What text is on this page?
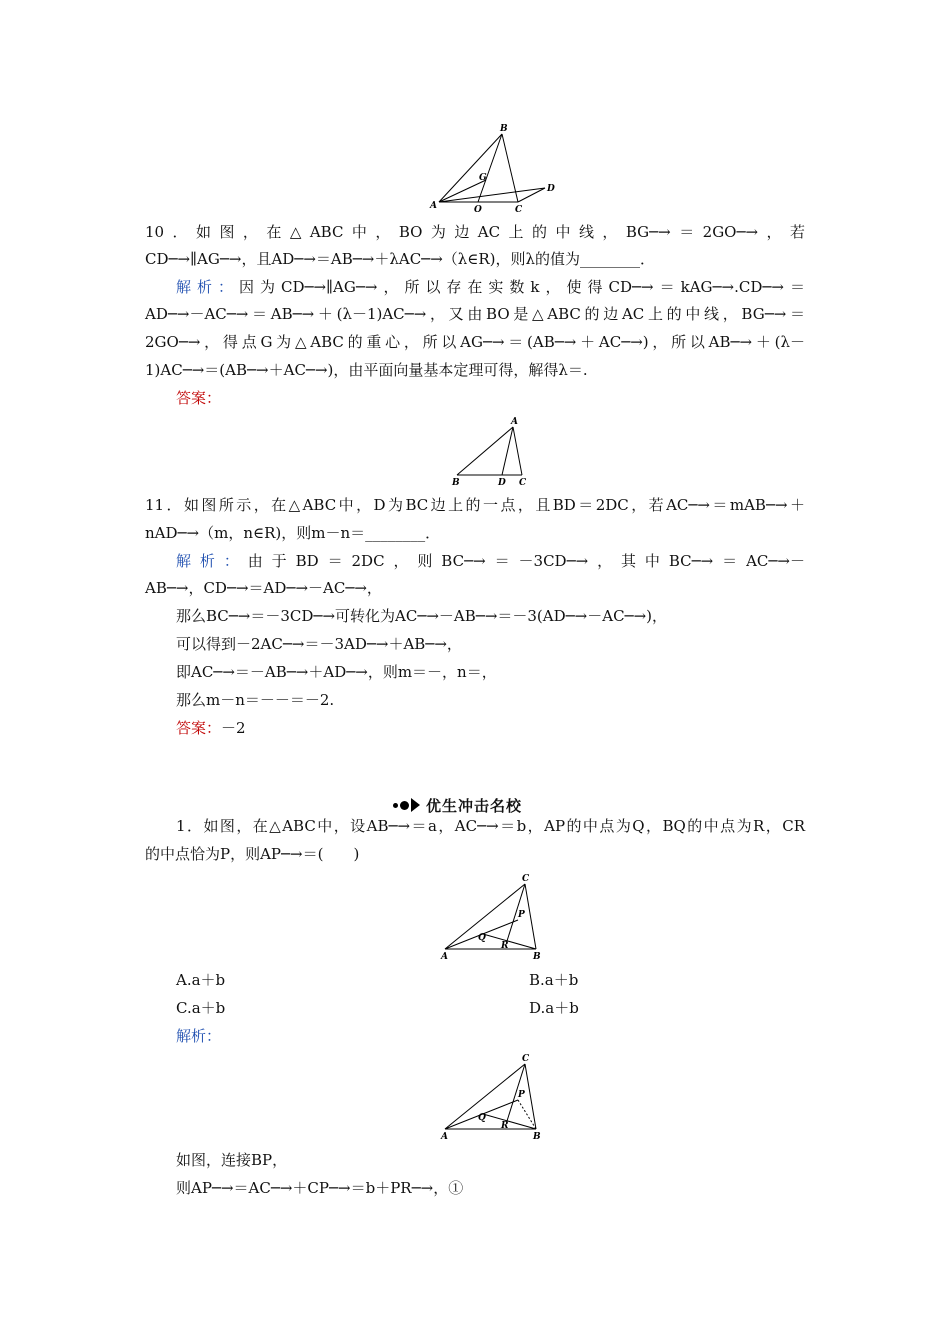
B
A	C
D
G
O
10．如图，在△ABC中，BO为边AC上的中线，BG─→＝2GO─→，若
CD─→∥AG─→，且AD─→＝AB─→＋λAC─→（λ∈R)，则λ的值为________．
解析：因为CD─→∥AG─→，所以存在实数k，使得CD─→＝kAG─→.CD─→＝
AD─→－AC─→＝AB─→＋(λ－1)AC─→，又由BO是△ABC的边AC上的中线，BG─→＝
2GO─→，得点G为△ABC的重心，所以AG─→＝(AB─→＋AC─→)，所以AB─→＋(λ－
1)AC─→＝(AB─→＋AC─→)，由平面向量基本定理可得，解得λ＝.
答案：
A
B	D C
11．如图所示，在△ABC中，D为BC边上的一点，且BD＝2DC，若AC─→＝mAB─→＋
nAD─→（m，n∈R)，则m－n＝________．
解析：由于BD＝2DC，则BC─→＝－3CD─→，其中BC─→＝AC─→－
AB─→，CD─→＝AD─→－AC─→，
那么BC─→＝－3CD─→可转化为AC─→－AB─→＝－3(AD─→－AC─→)，
可以得到－2AC─→＝－3AD─→＋AB─→，
即AC─→＝－AB─→＋AD─→，则m＝－，n＝，
那么m－n＝－－＝－2.
答案：－2
优生冲击名校
1．如图，在△ABC中，设AB─→＝a，AC─→＝b，AP的中点为Q，BQ的中点为R，CR
的中点恰为P，则AP─→＝(　　)
C
P
Q
R
A	B
A.a＋b	B.a＋b
C.a＋b	D.a＋b
解析：
C
P
Q
R
A	B
如图，连接BP，
则AP─→＝AC─→＋CP─→＝b＋PR─→，①
